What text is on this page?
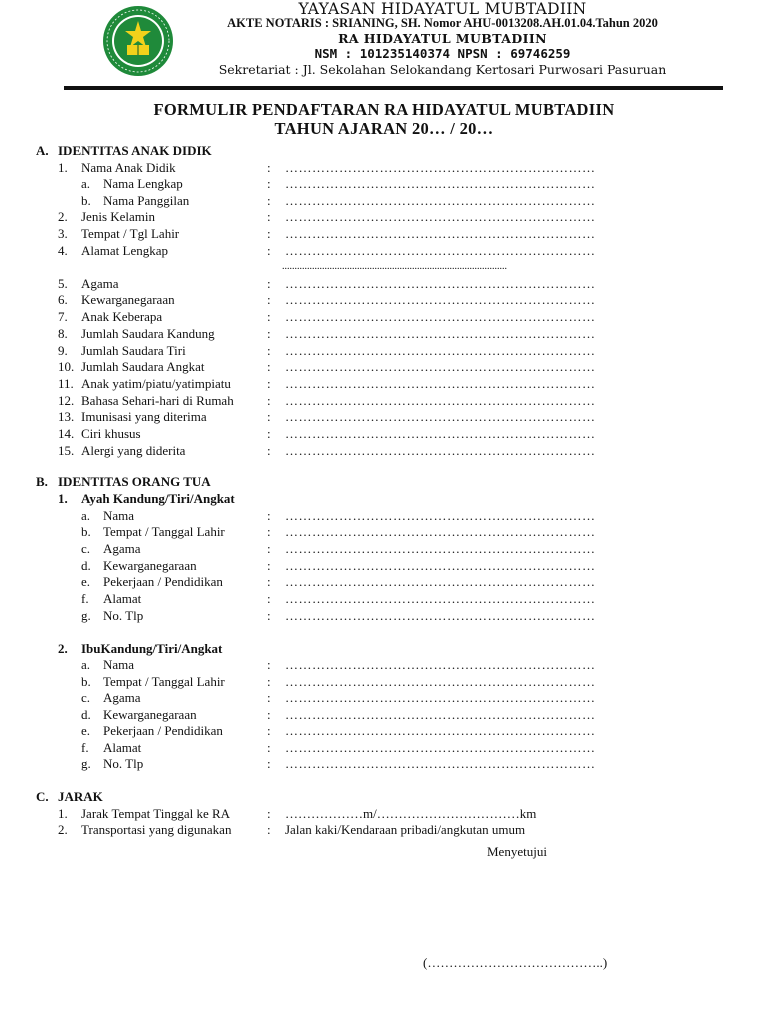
YAYASAN HIDAYATUL MUBTADIIN
AKTE NOTARIS : SRIANING, SH. Nomor AHU-0013208.AH.01.04.Tahun 2020
RA HIDAYATUL MUBTADIIN
NSM : 101235140374 NPSN : 69746259
Sekretariat : Jl. Sekolahan Selokandang Kertosari Purwosari Pasuruan
FORMULIR PENDAFTARAN RA HIDAYATUL MUBTADIIN
TAHUN AJARAN 20… / 20…
A. IDENTITAS ANAK DIDIK
1. Nama Anak Didik	: ……………………………………………………………
a. Nama Lengkap	: ……………………………………………………………
b. Nama Panggilan	: ……………………………………………………………
2. Jenis Kelamin	: ……………………………………………………………
3. Tempat / Tgl Lahir	: ……………………………………………………………
4. Alamat Lengkap	: ……………………………………………………………
5. Agama	: ……………………………………………………………
6. Kewarganegaraan	: ……………………………………………………………
7. Anak Keberapa	: ……………………………………………………………
8. Jumlah Saudara Kandung	: ……………………………………………………………
9. Jumlah Saudara Tiri	: ……………………………………………………………
10. Jumlah Saudara Angkat	: ……………………………………………………………
11. Anak yatim/piatu/yatimpiatu	: ……………………………………………………………
12. Bahasa Sehari-hari di Rumah	: ……………………………………………………………
13. Imunisasi yang diterima	: ……………………………………………………………
14. Ciri khusus	: ……………………………………………………………
15. Alergi yang diderita	: ……………………………………………………………
..........................................................................................
B. IDENTITAS ORANG TUA
1. Ayah Kandung/Tiri/Angkat
a. Nama	: ……………………………………………………………
b. Tempat / Tanggal Lahir	: ……………………………………………………………
c. Agama	: ……………………………………………………………
d. Kewarganegaraan	: ……………………………………………………………
e. Pekerjaan / Pendidikan	: ……………………………………………………………
f. Alamat	: ……………………………………………………………
g. No. Tlp	: ……………………………………………………………
2. IbuKandung/Tiri/Angkat
a. Nama	: ……………………………………………………………
b. Tempat / Tanggal Lahir	: ……………………………………………………………
c. Agama	: ……………………………………………………………
d. Kewarganegaraan	: ……………………………………………………………
e. Pekerjaan / Pendidikan	: ……………………………………………………………
f. Alamat	: ……………………………………………………………
g. No. Tlp	: ……………………………………………………………
C. JARAK
1. Jarak Tempat Tinggal ke RA	: ………………m/……………………………km
2. Transportasi yang digunakan	: Jalan kaki/Kendaraan pribadi/angkutan umum
Menyetujui
(…………………………………..)
